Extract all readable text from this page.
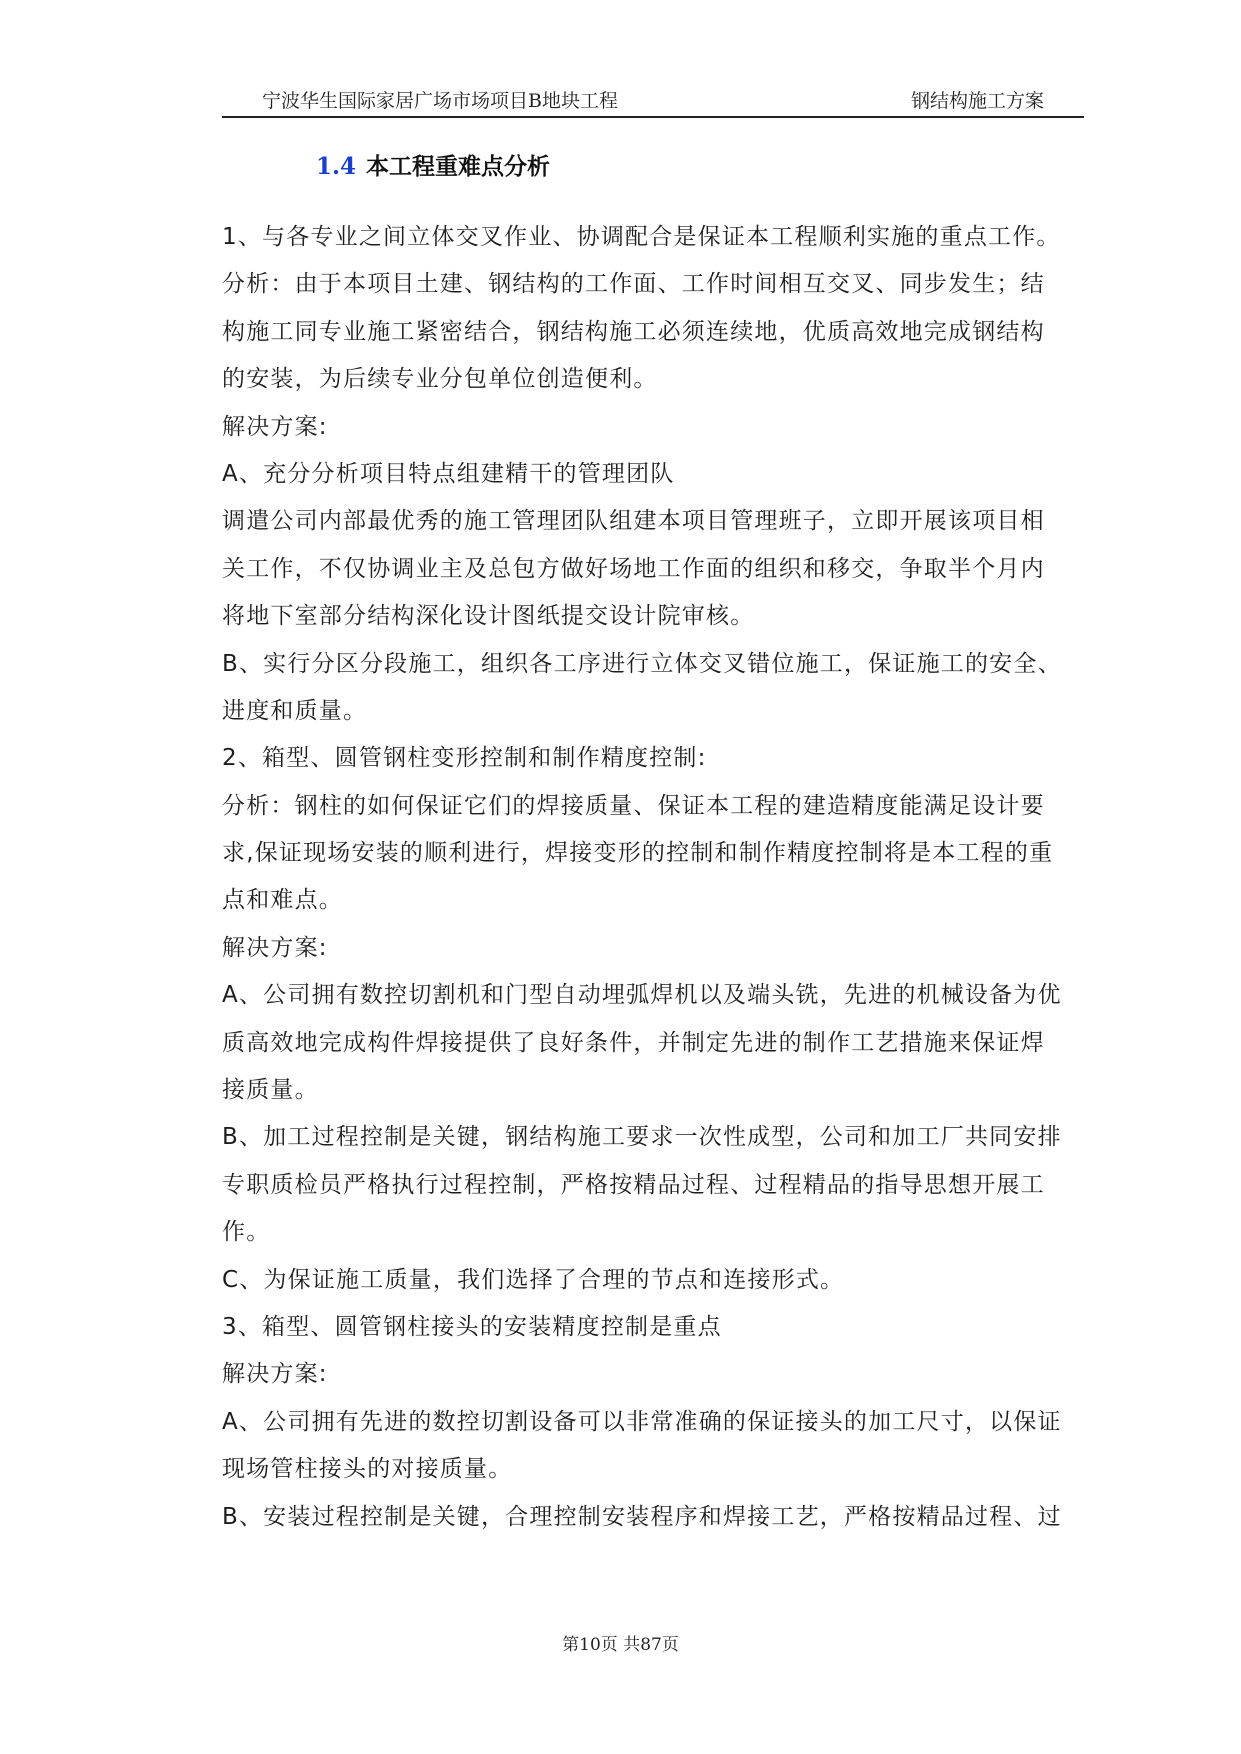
宁波华生国际家居广场市场项目B地块工程	钢结构施工方案
1.4 本工程重难点分析
1、与各专业之间立体交叉作业、协调配合是保证本工程顺利实施的重点工作。
分析：由于本项目土建、钢结构的工作面、工作时间相互交叉、同步发生；结
构施工同专业施工紧密结合，钢结构施工必须连续地，优质高效地完成钢结构
的安装，为后续专业分包单位创造便利。
解决方案:
A、充分分析项目特点组建精干的管理团队
调遣公司内部最优秀的施工管理团队组建本项目管理班子，立即开展该项目相
关工作，不仅协调业主及总包方做好场地工作面的组织和移交，争取半个月内
将地下室部分结构深化设计图纸提交设计院审核。
B、实行分区分段施工，组织各工序进行立体交叉错位施工，保证施工的安全、
进度和质量。
2、箱型、圆管钢柱变形控制和制作精度控制:
分析：钢柱的如何保证它们的焊接质量、保证本工程的建造精度能满足设计要
求,保证现场安装的顺利进行，焊接变形的控制和制作精度控制将是本工程的重
点和难点。
解决方案:
A、公司拥有数控切割机和门型自动埋弧焊机以及端头铣，先进的机械设备为优
质高效地完成构件焊接提供了良好条件，并制定先进的制作工艺措施来保证焊
接质量。
B、加工过程控制是关键，钢结构施工要求一次性成型，公司和加工厂共同安排
专职质检员严格执行过程控制，严格按精品过程、过程精品的指导思想开展工
作。
C、为保证施工质量，我们选择了合理的节点和连接形式。
3、箱型、圆管钢柱接头的安装精度控制是重点
解决方案:
A、公司拥有先进的数控切割设备可以非常准确的保证接头的加工尺寸，以保证
现场管柱接头的对接质量。
B、安装过程控制是关键，合理控制安装程序和焊接工艺，严格按精品过程、过
第10页 共87页
